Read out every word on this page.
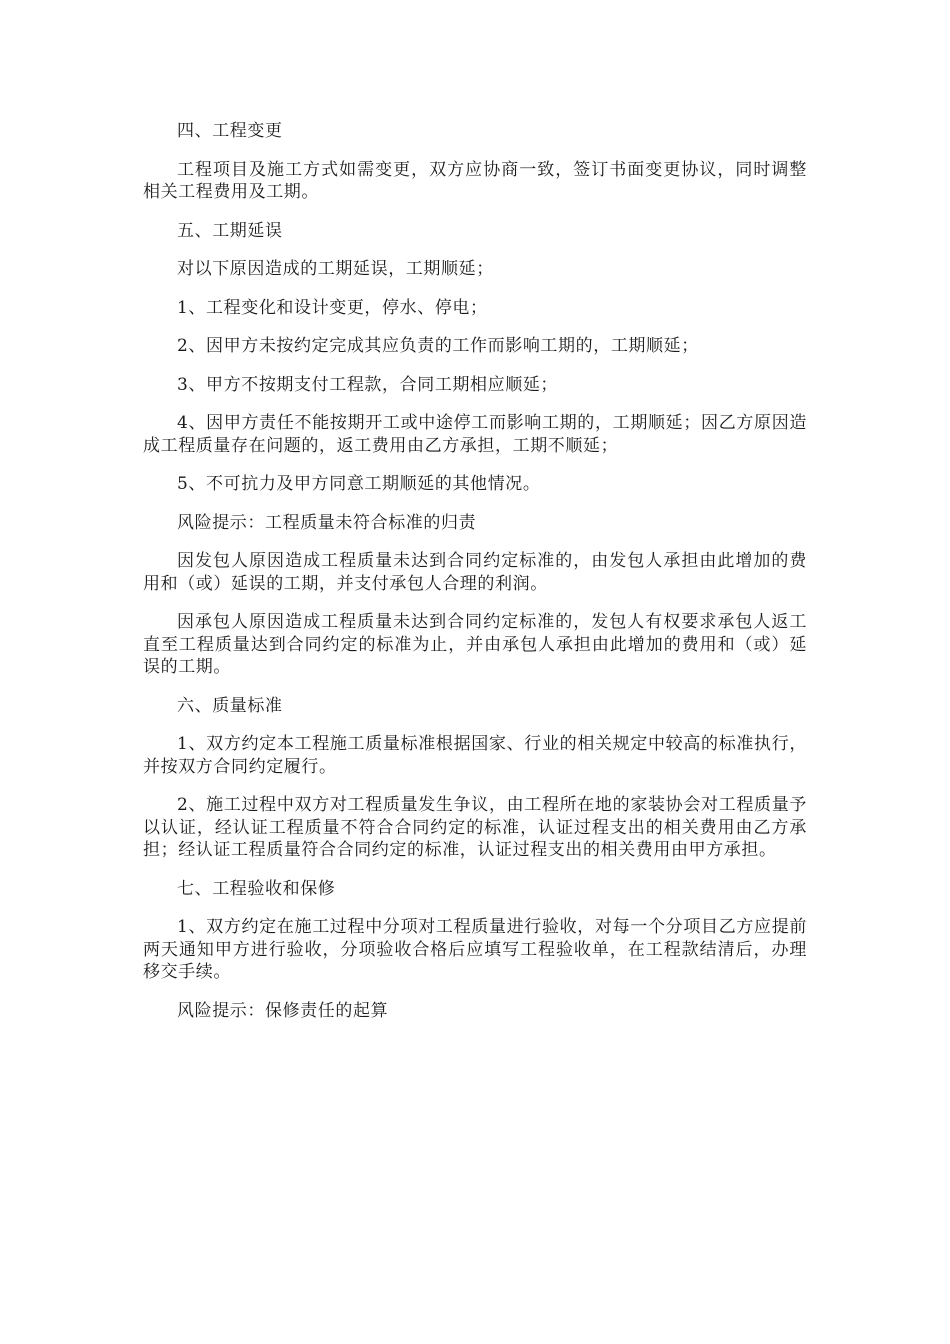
四、工程变更

工程项目及施工方式如需变更，双方应协商一致，签订书面变更协议，同时调整相关工程费用及工期。

五、工期延误

对以下原因造成的工期延误，工期顺延；

1、工程变化和设计变更，停水、停电；

2、因甲方未按约定完成其应负责的工作而影响工期的，工期顺延；

3、甲方不按期支付工程款，合同工期相应顺延；

4、因甲方责任不能按期开工或中途停工而影响工期的，工期顺延；因乙方原因造成工程质量存在问题的，返工费用由乙方承担，工期不顺延；

5、不可抗力及甲方同意工期顺延的其他情况。

风险提示：工程质量未符合标准的归责

因发包人原因造成工程质量未达到合同约定标准的，由发包人承担由此增加的费用和（或）延误的工期，并支付承包人合理的利润。

因承包人原因造成工程质量未达到合同约定标准的，发包人有权要求承包人返工直至工程质量达到合同约定的标准为止，并由承包人承担由此增加的费用和（或）延误的工期。

六、质量标准

1、双方约定本工程施工质量标准根据国家、行业的相关规定中较高的标准执行，并按双方合同约定履行。

2、施工过程中双方对工程质量发生争议，由工程所在地的家装协会对工程质量予以认证，经认证工程质量不符合合同约定的标准，认证过程支出的相关费用由乙方承担；经认证工程质量符合合同约定的标准，认证过程支出的相关费用由甲方承担。

七、工程验收和保修

1、双方约定在施工过程中分项对工程质量进行验收，对每一个分项目乙方应提前两天通知甲方进行验收，分项验收合格后应填写工程验收单，在工程款结清后，办理移交手续。

风险提示：保修责任的起算
